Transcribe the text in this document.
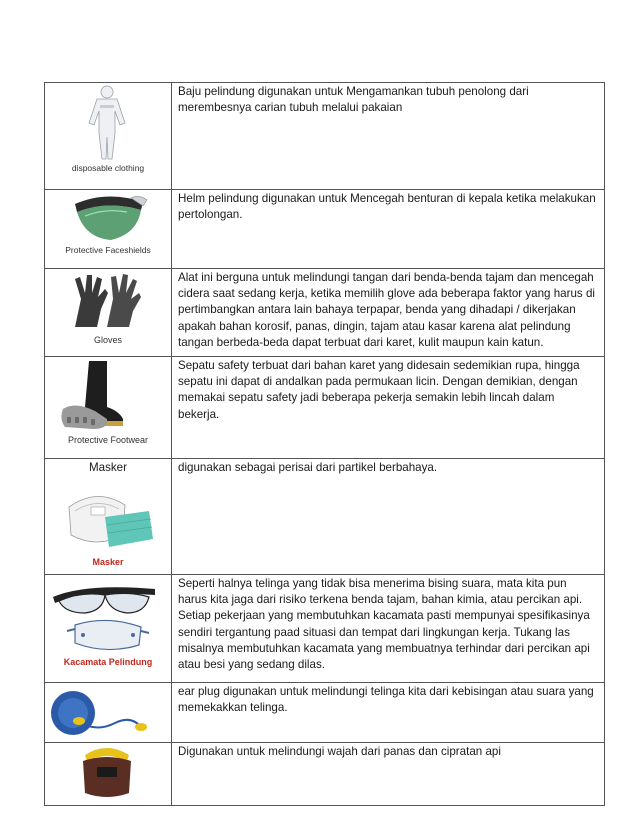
disposable clothing	Baju pelindung digunakan untuk Mengamankan tubuh penolong dari merembesnya carian tubuh melalui pakaian

Protective Faceshields	Helm pelindung digunakan untuk Mencegah benturan di kepala ketika melakukan pertolongan.

Gloves	Alat ini berguna untuk melindungi tangan dari benda-benda tajam dan mencegah cidera saat sedang kerja, ketika memilih glove ada beberapa faktor yang harus di pertimbangkan antara lain bahaya terpapar, benda yang dihadapi / dikerjakan apakah bahan korosif, panas, dingin, tajam atau kasar karena alat pelindung tangan berbeda-beda dapat terbuat dari karet, kulit maupun kain katun.

Protective Footwear	Sepatu safety terbuat dari bahan karet yang didesain sedemikian rupa, hingga sepatu ini dapat di andalkan pada permukaan licin. Dengan demikian, dengan memakai sepatu safety jadi beberapa pekerja semakin lebih lincah dalam bekerja.

Masker
Masker	digunakan sebagai perisai dari partikel berbahaya.

Kacamata Pelindung	Seperti halnya telinga yang tidak bisa menerima bising suara, mata kita pun harus kita jaga dari risiko terkena benda tajam, bahan kimia, atau percikan api. Setiap pekerjaan yang membutuhkan kacamata pasti mempunyai spesifikasinya sendiri tergantung paad situasi dan tempat dari lingkungan kerja. Tukang las misalnya membutuhkan kacamata yang membuatnya terhindar dari percikan api atau besi yang sedang dilas.

	ear plug digunakan untuk melindungi telinga kita dari kebisingan atau suara yang memekakkan telinga.

	Digunakan untuk melindungi wajah dari panas dan cipratan api
